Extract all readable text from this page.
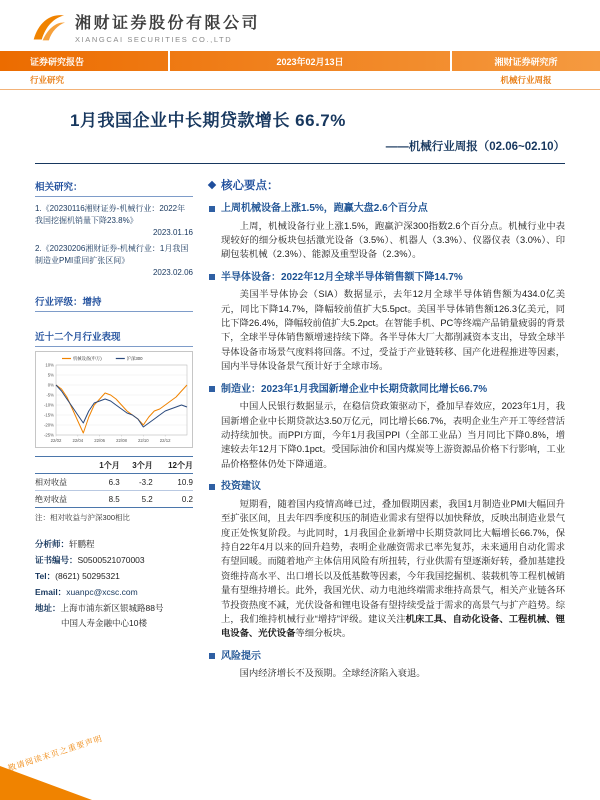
湘财证券股份有限公司
XIANGCAI SECURITIES CO.,LTD
证券研究报告	2023年02月13日	湘财证券研究所
行业研究	机械行业周报
1月我国企业中长期贷款增长 66.7%
——机械行业周报（02.06~02.10）
相关研究：
1.《20230116湘财证券-机械行业：2022年我国挖掘机销量下降23.8%》
2023.01.16
2.《20230206湘财证券-机械行业：1月我国制造业PMI重回扩张区间》
2023.02.06
行业评级：增持
近十二个月行业表现
10%
5%
0%
-5%
-10%
-15%
-20%
-25%
22/02	22/04	22/06	22/08	22/10	22/12
机械设备(申万)	沪深300
	1个月	3个月	12个月
相对收益	6.3	-3.2	10.9
绝对收益	8.5	5.2	0.2
注：相对收益与沪深300相比
分析师：轩鹏程
证书编号：S0500521070003
Tel：(8621) 50295321
Email：xuanpc@xcsc.com
地址：上海市浦东新区银城路88号
中国人寿金融中心10楼
核心要点：
上周机械设备上涨1.5%，跑赢大盘2.6个百分点

上周，机械设备行业上涨1.5%，跑赢沪深300指数2.6个百分点。机械行业中表现较好的细分板块包括激光设备（3.5%）、机器人（3.3%）、仪器仪表（3.0%）、印刷包装机械（2.3%）、能源及重型设备（2.3%）。

半导体设备：2022年12月全球半导体销售额下降14.7%

美国半导体协会（SIA）数据显示，去年12月全球半导体销售额为434.0亿美元，同比下降14.7%，降幅较前值扩大5.5pct。美国半导体销售额126.3亿美元，同比下降26.4%，降幅较前值扩大5.2pct。在智能手机、PC等终端产品销量疲弱的背景下，全球半导体销售额增速持续下降。各半导体大厂大都削减资本支出，导致全球半导体设备市场景气度料将回落。不过，受益于产业链转移、国产化进程推进等因素，国内半导体设备景气预计好于全球市场。

制造业：2023年1月我国新增企业中长期贷款同比增长66.7%

中国人民银行数据显示，在稳信贷政策驱动下，叠加早春效应，2023年1月，我国新增企业中长期贷款达3.50万亿元，同比增长66.7%，表明企业生产开工等经营活动持续加快。而PPI方面，今年1月我国PPI（全部工业品）当月同比下降0.8%，增速较去年12月下降0.1pct。受国际油价和国内煤炭等上游资源品价格下行影响，工业品价格整体仍处下降通道。

投资建议

短期看，随着国内疫情高峰已过，叠加假期因素，我国1月制造业PMI大幅回升至扩张区间，且去年四季度积压的制造业需求有望得以加快释放，反映出制造业景气度正处恢复阶段。与此同时，1月我国企业新增中长期贷款同比大幅增长66.7%，保持自22年4月以来的回升趋势，表明企业融资需求已率先复苏，未来通用自动化需求有望回暖。而随着地产主体信用风险有所扭转，行业供需有望逐渐好转，叠加基建投资维持高水平、出口增长以及低基数等因素，今年我国挖掘机、装载机等工程机械销量有望维持增长。此外，我国光伏、动力电池终端需求维持高景气，相关产业链各环节投资热度不减，光伏设备和锂电设备有望持续受益于需求的高景气与扩产趋势。综上，我们维持机械行业“增持”评级。建议关注机床工具、自动化设备、工程机械、锂电设备、光伏设备等细分板块。

风险提示

国内经济增长不及预期。全球经济陷入衰退。

敬请阅读末页之重要声明
